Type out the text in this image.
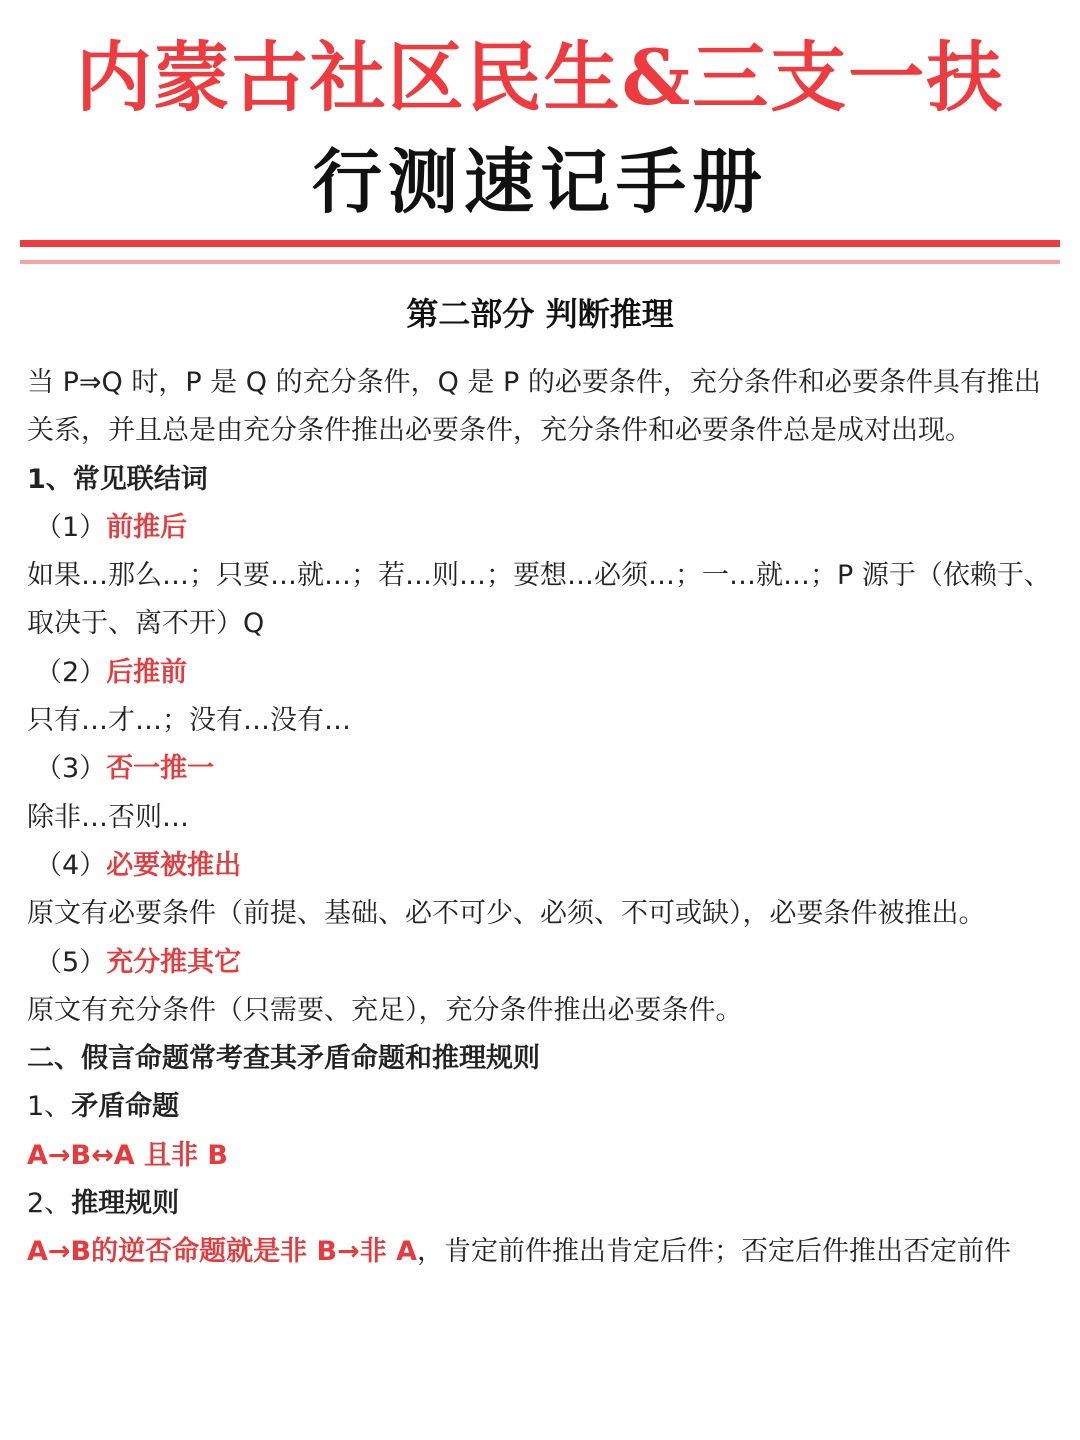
内蒙古社区民生&三支一扶
行测速记手册
第二部分 判断推理

当 P⇒Q 时，P 是 Q 的充分条件，Q 是 P 的必要条件，充分条件和必要条件具有推出关系，并且总是由充分条件推出必要条件，充分条件和必要条件总是成对出现。

1、常见联结词

（1）前推后

如果…那么…；只要…就…；若…则…；要想…必须…；一…就…；P 源于（依赖于、取决于、离不开）Q

（2）后推前

只有…才…；没有…没有…

（3）否一推一

除非…否则…

（4）必要被推出

原文有必要条件（前提、基础、必不可少、必须、不可或缺），必要条件被推出。

（5）充分推其它

原文有充分条件（只需要、充足），充分条件推出必要条件。

二、假言命题常考查其矛盾命题和推理规则

1、矛盾命题

A→B↔A 且非 B

2、推理规则

A→B的逆否命题就是非 B→非 A，肯定前件推出肯定后件；否定后件推出否定前件
